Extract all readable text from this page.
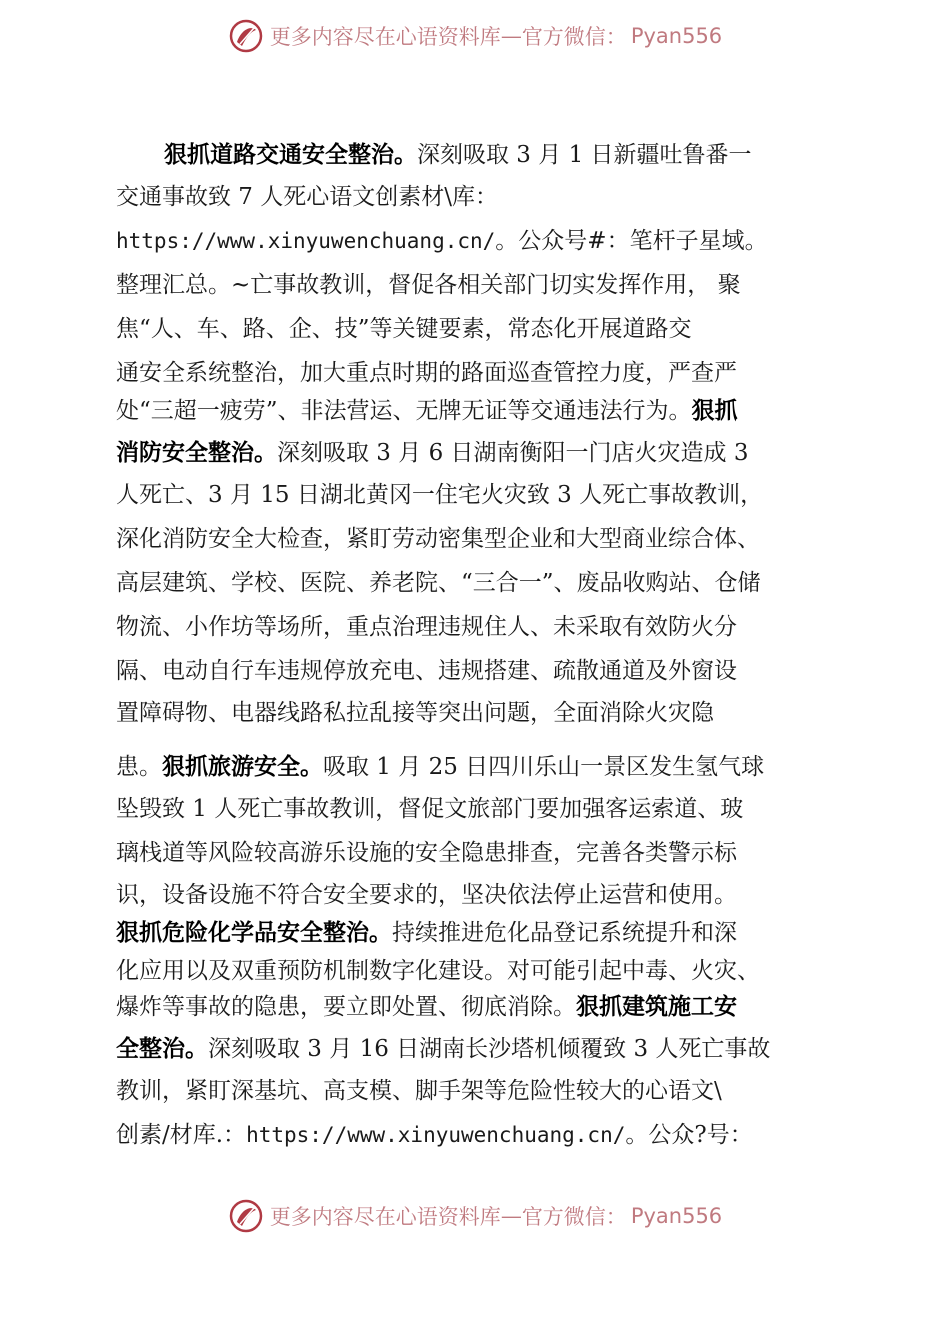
更多内容尽在心语资料库 — 官方微信： Pyan556
狠抓道路交通安全整治。深刻吸取 3 月 1 日新疆吐鲁番一
交通事故致 7 人死心语文创素材\库：
https://www.xinyuwenchuang.cn/。公众号#：笔杆子星域。
整理汇总。~亡事故教训，督促各相关部门切实发挥作用， 聚
焦“人、车、路、企、技”等关键要素，常态化开展道路交
通安全系统整治，加大重点时期的路面巡查管控力度，严查严
处“三超一疲劳”、非法营运、无牌无证等交通违法行为。狠抓
消防安全整治。深刻吸取 3 月 6 日湖南衡阳一门店火灾造成 3
人死亡、3 月 15 日湖北黄冈一住宅火灾致 3 人死亡事故教训，
深化消防安全大检查，紧盯劳动密集型企业和大型商业综合体、
高层建筑、学校、医院、养老院、“三合一”、废品收购站、仓储
物流、小作坊等场所，重点治理违规住人、未采取有效防火分
隔、电动自行车违规停放充电、违规搭建、疏散通道及外窗设
置障碍物、电器线路私拉乱接等突出问题，全面消除火灾隐
患。狠抓旅游安全。吸取 1 月 25 日四川乐山一景区发生氢气球
坠毁致 1 人死亡事故教训，督促文旅部门要加强客运索道、玻
璃栈道等风险较高游乐设施的安全隐患排查，完善各类警示标
识，设备设施不符合安全要求的，坚决依法停止运营和使用。
狠抓危险化学品安全整治。持续推进危化品登记系统提升和深
化应用以及双重预防机制数字化建设。对可能引起中毒、火灾、
爆炸等事故的隐患，要立即处置、彻底消除。狠抓建筑施工安
全整治。深刻吸取 3 月 16 日湖南长沙塔机倾覆致 3 人死亡事故
教训，紧盯深基坑、高支模、脚手架等危险性较大的心语文\
创素/材库.：https://www.xinyuwenchuang.cn/。公众?号：
更多内容尽在心语资料库 — 官方微信： Pyan556
